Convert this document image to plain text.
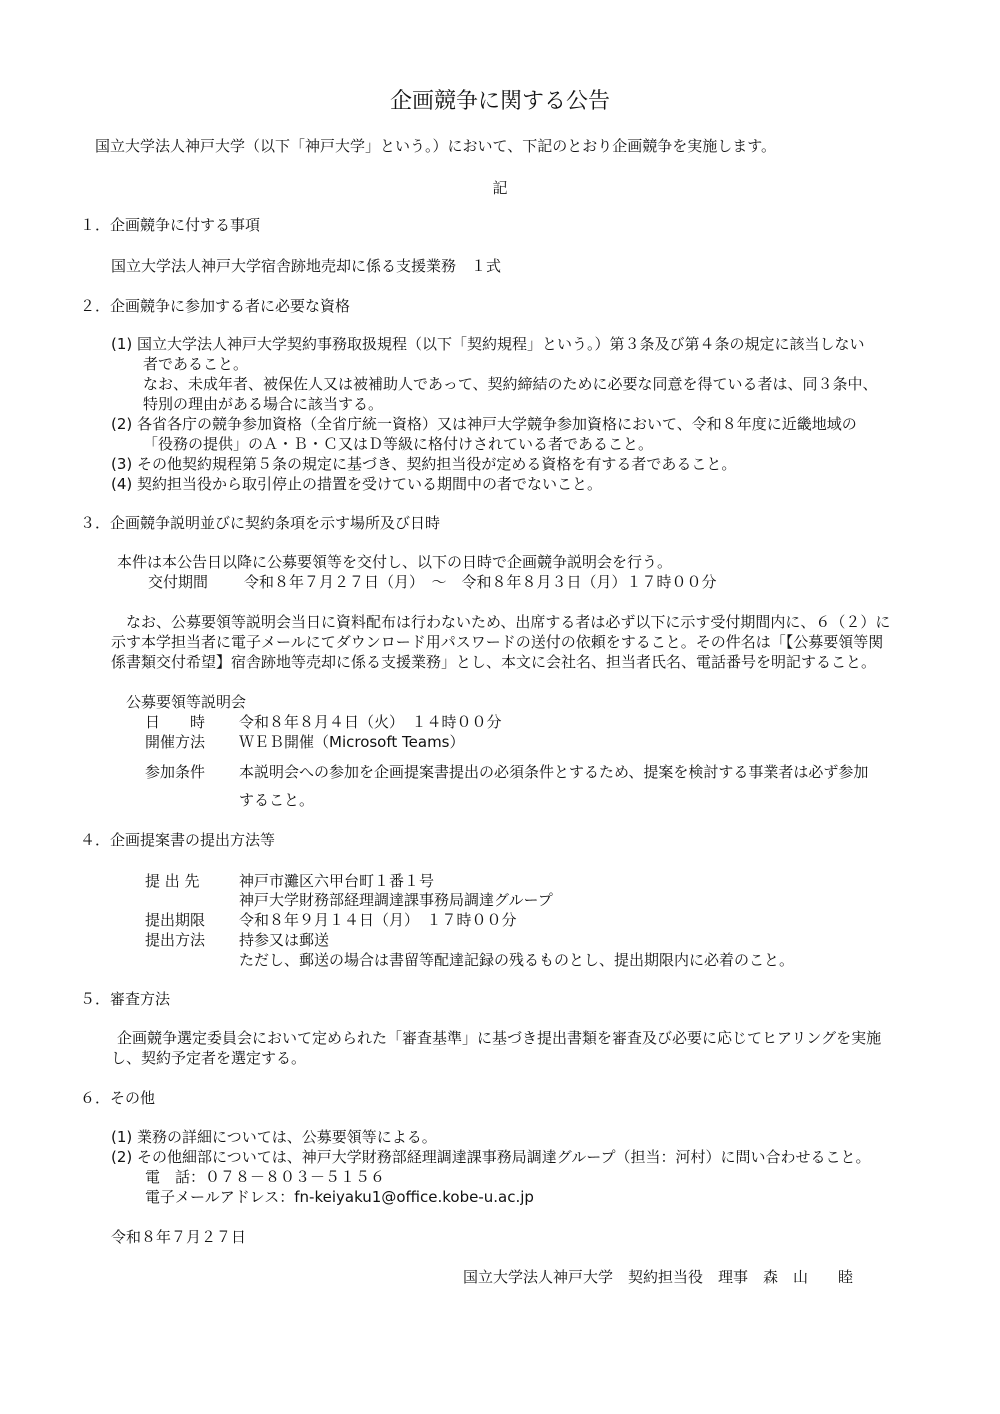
企画競争に関する公告
国立大学法人神戸大学（以下「神戸大学」という。）において、下記のとおり企画競争を実施します。
記
１．企画競争に付する事項
国立大学法人神戸大学宿舎跡地売却に係る支援業務　１式
２．企画競争に参加する者に必要な資格
(1) 国立大学法人神戸大学契約事務取扱規程（以下「契約規程」という。）第３条及び第４条の規定に該当しない
者であること。
なお、未成年者、被保佐人又は被補助人であって、契約締結のために必要な同意を得ている者は、同３条中、
特別の理由がある場合に該当する。
(2) 各省各庁の競争参加資格（全省庁統一資格）又は神戸大学競争参加資格において、令和８年度に近畿地域の
「役務の提供」のＡ・Ｂ・Ｃ又はＤ等級に格付けされている者であること。
(3) その他契約規程第５条の規定に基づき、契約担当役が定める資格を有する者であること。
(4) 契約担当役から取引停止の措置を受けている期間中の者でないこと。
３．企画競争説明並びに契約条項を示す場所及び日時
本件は本公告日以降に公募要領等を交付し、以下の日時で企画競争説明会を行う。
交付期間 令和８年７月２７日（月）　～　令和８年８月３日（月）１７時００分
なお、公募要領等説明会当日に資料配布は行わないため、出席する者は必ず以下に示す受付期間内に、６（２）に
示す本学担当者に電子メールにてダウンロード用パスワードの送付の依頼をすること。その件名は「【公募要領等関
係書類交付希望】宿舎跡地等売却に係る支援業務」とし、本文に会社名、担当者氏名、電話番号を明記すること。
公募要領等説明会
日　　時 令和８年８月４日（火）　１４時００分
開催方法 ＷＥＢ開催（Microsoft Teams）
参加条件 本説明会への参加を企画提案書提出の必須条件とするため、提案を検討する事業者は必ず参加
すること。
４．企画提案書の提出方法等
提 出 先	神戸市灘区六甲台町１番１号
神戸大学財務部経理調達課事務局調達グループ
提出期限 令和８年９月１４日（月）　１７時００分
提出方法 持参又は郵送
ただし、郵送の場合は書留等配達記録の残るものとし、提出期限内に必着のこと。
５．審査方法
企画競争選定委員会において定められた「審査基準」に基づき提出書類を審査及び必要に応じてヒアリングを実施
し、契約予定者を選定する。
６．その他
(1) 業務の詳細については、公募要領等による。
(2) その他細部については、神戸大学財務部経理調達課事務局調達グループ（担当：河村）に問い合わせること。
電　話：０７８－８０３－５１５６
電子メールアドレス：fn-keiyaku1@office.kobe-u.ac.jp
令和８年７月２７日
国立大学法人神戸大学　契約担当役　理事　森　山　　睦
